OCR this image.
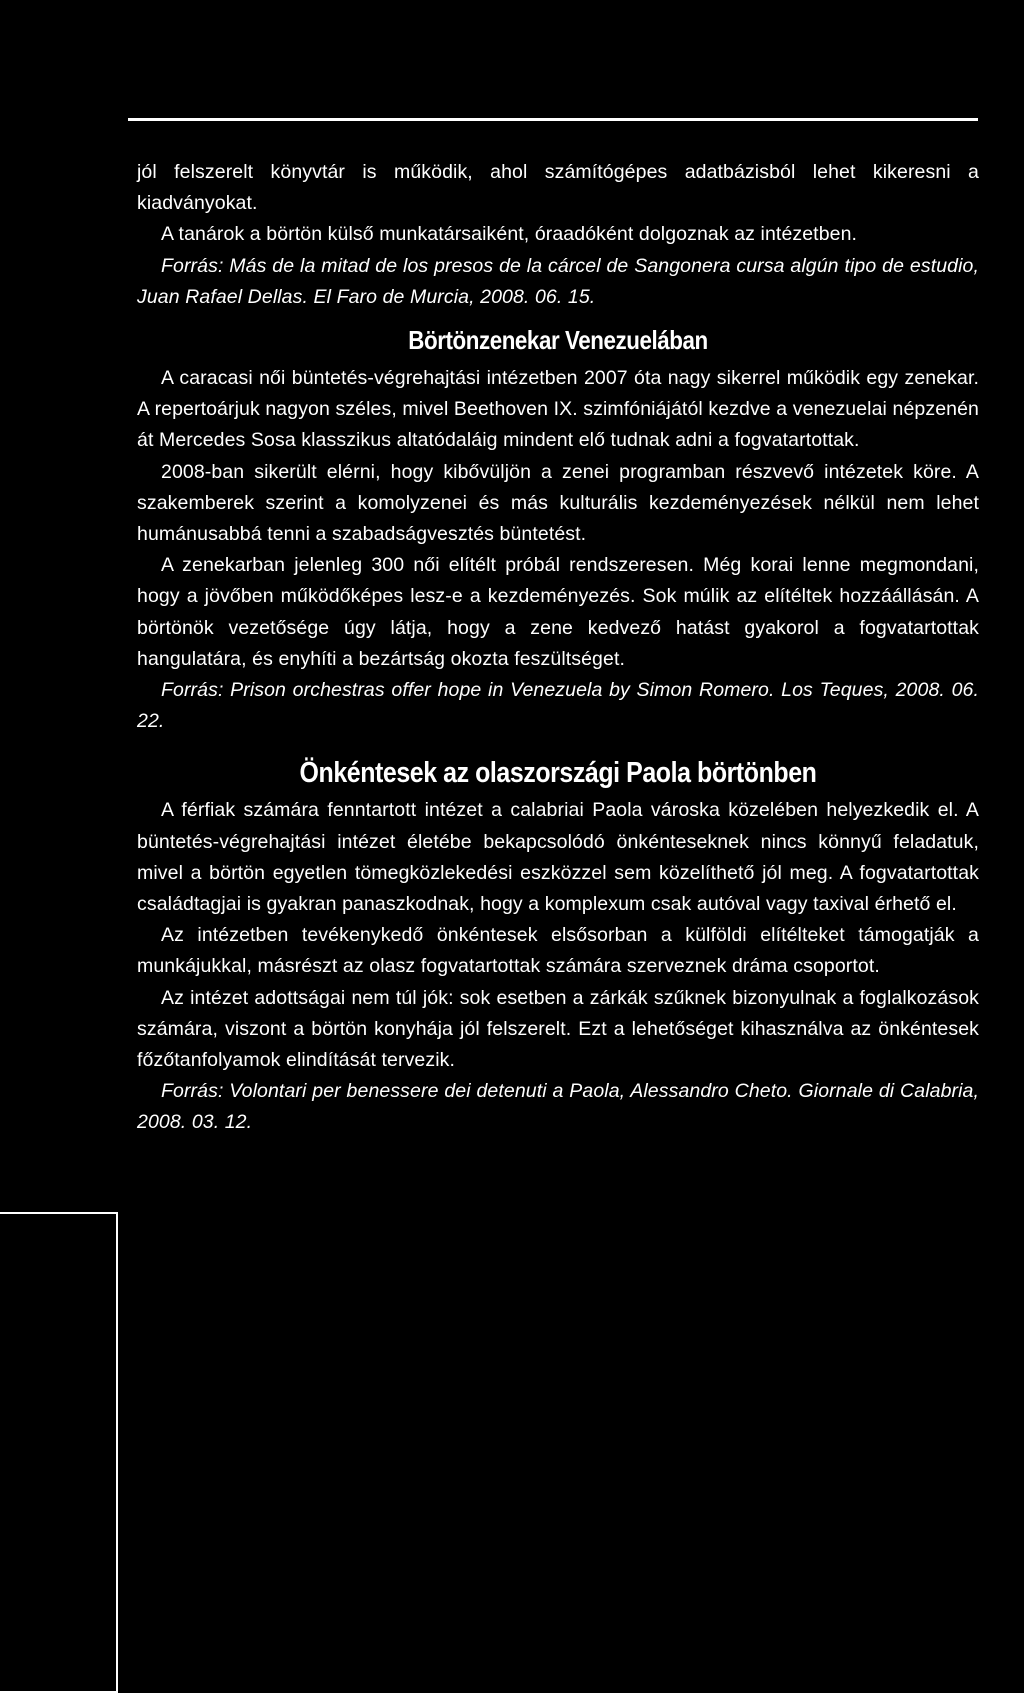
jól felszerelt könyvtár is működik, ahol számítógépes adatbázisból lehet kikeresni a kiadványokat.

A tanárok a börtön külső munkatársaiként, óraadóként dolgoznak az intézetben.

Forrás: Más de la mitad de los presos de la cárcel de Sangonera cursa algún tipo de estudio, Juan Rafael Dellas. El Faro de Murcia, 2008. 06. 15.

Börtönzenekar Venezuelában

A caracasi női büntetés-végrehajtási intézetben 2007 óta nagy sikerrel működik egy zenekar. A repertoárjuk nagyon széles, mivel Beethoven IX. szimfóniájától kezdve a venezuelai népzenén át Mercedes Sosa klasszikus altatódaláig mindent elő tudnak adni a fogvatartottak.

2008-ban sikerült elérni, hogy kibővüljön a zenei programban részvevő intézetek köre. A szakemberek szerint a komolyzenei és más kulturális kezdeményezések nélkül nem lehet humánusabbá tenni a szabadságvesztés büntetést.

A zenekarban jelenleg 300 női elítélt próbál rendszeresen. Még korai lenne megmondani, hogy a jövőben működőképes lesz-e a kezdeményezés. Sok múlik az elítéltek hozzáállásán. A börtönök vezetősége úgy látja, hogy a zene kedvező hatást gyakorol a fogvatartottak hangulatára, és enyhíti a bezártság okozta feszültséget.

Forrás: Prison orchestras offer hope in Venezuela by Simon Romero. Los Teques, 2008. 06. 22.

Önkéntesek az olaszországi Paola börtönben

A férfiak számára fenntartott intézet a calabriai Paola városka közelében helyezkedik el. A büntetés-végrehajtási intézet életébe bekapcsolódó önkénteseknek nincs könnyű feladatuk, mivel a börtön egyetlen tömegközlekedési eszközzel sem közelíthető jól meg. A fogvatartottak családtagjai is gyakran panaszkodnak, hogy a komplexum csak autóval vagy taxival érhető el.

Az intézetben tevékenykedő önkéntesek elsősorban a külföldi elítélteket támogatják a munkájukkal, másrészt az olasz fogvatartottak számára szerveznek dráma csoportot.

Az intézet adottságai nem túl jók: sok esetben a zárkák szűknek bizonyulnak a foglalkozások számára, viszont a börtön konyhája jól felszerelt. Ezt a lehetőséget kihasználva az önkéntesek főzőtanfolyamok elindítását tervezik.

Forrás: Volontari per benessere dei detenuti a Paola, Alessandro Cheto. Giornale di Calabria, 2008. 03. 12.
